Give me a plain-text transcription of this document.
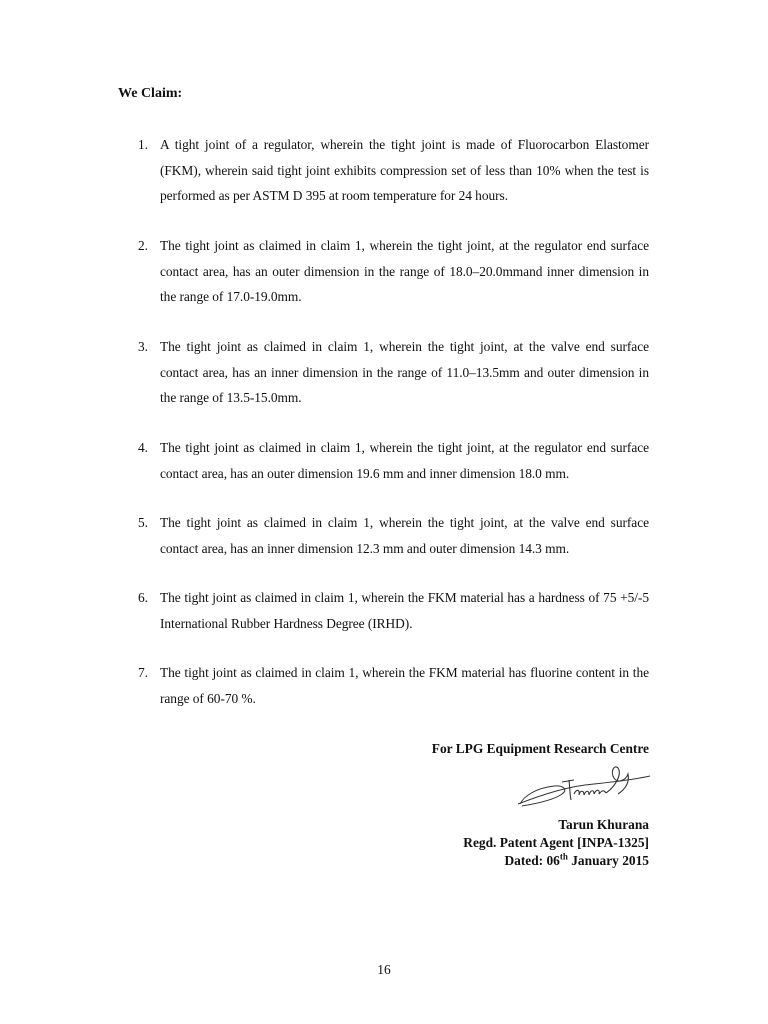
We Claim:
1. A tight joint of a regulator, wherein the tight joint is made of Fluorocarbon Elastomer (FKM), wherein said tight joint exhibits compression set of less than 10% when the test is performed as per ASTM D 395 at room temperature for 24 hours.
2. The tight joint as claimed in claim 1, wherein the tight joint, at the regulator end surface contact area, has an outer dimension in the range of 18.0–20.0mmand inner dimension in the range of 17.0-19.0mm.
3. The tight joint as claimed in claim 1, wherein the tight joint, at the valve end surface contact area, has an inner dimension in the range of 11.0–13.5mm and outer dimension in the range of 13.5-15.0mm.
4. The tight joint as claimed in claim 1, wherein the tight joint, at the regulator end surface contact area, has an outer dimension 19.6 mm and inner dimension 18.0 mm.
5. The tight joint as claimed in claim 1, wherein the tight joint, at the valve end surface contact area, has an inner dimension 12.3 mm and outer dimension 14.3 mm.
6. The tight joint as claimed in claim 1, wherein the FKM material has a hardness of 75 +5/-5 International Rubber Hardness Degree (IRHD).
7. The tight joint as claimed in claim 1, wherein the FKM material has fluorine content in the range of 60-70 %.
For LPG Equipment Research Centre
Tarun Khurana
Regd. Patent Agent [INPA-1325]
Dated: 06th January 2015
16
